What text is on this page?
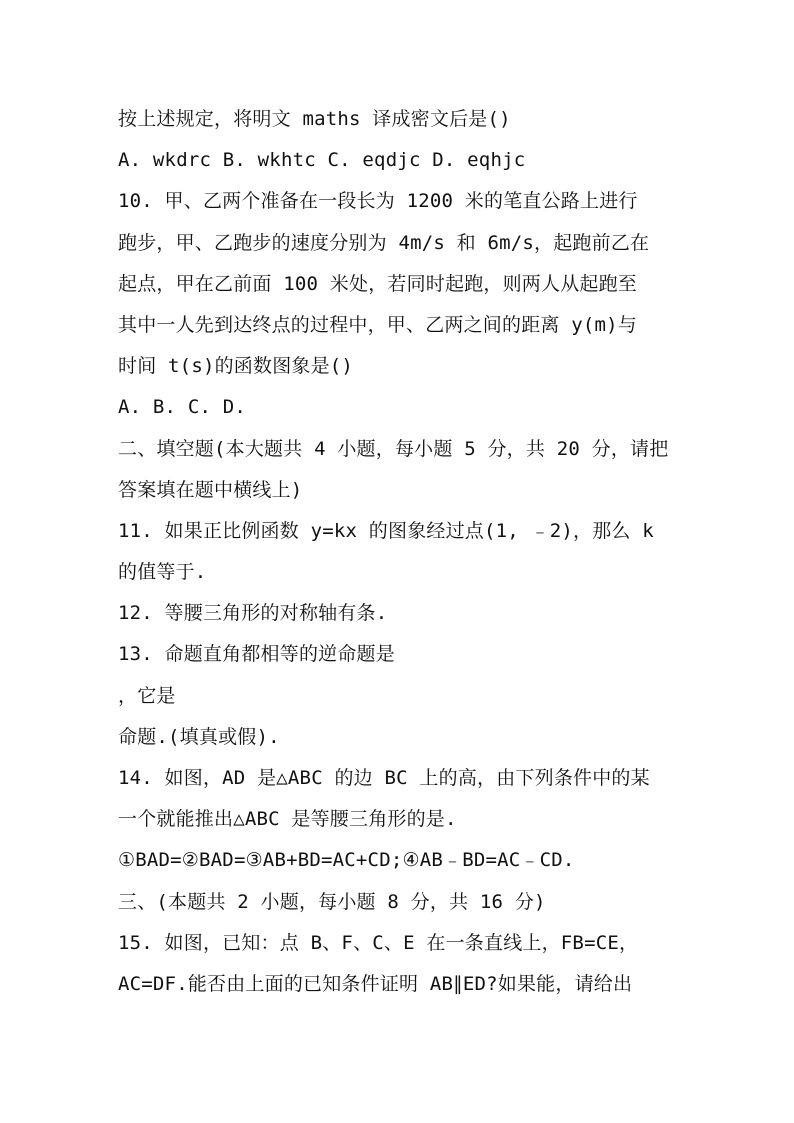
按上述规定，将明文 maths 译成密文后是()
A. wkdrc B. wkhtc C. eqdjc D. eqhjc
10. 甲、乙两个准备在一段长为 1200 米的笔直公路上进行
跑步，甲、乙跑步的速度分别为 4m/s 和 6m/s，起跑前乙在
起点，甲在乙前面 100 米处，若同时起跑，则两人从起跑至
其中一人先到达终点的过程中，甲、乙两之间的距离 y(m)与
时间 t(s)的函数图象是()
A. B. C. D.
二、填空题(本大题共 4 小题，每小题 5 分，共 20 分，请把
答案填在题中横线上)
11. 如果正比例函数 y=kx 的图象经过点(1, ﹣2)，那么 k
的值等于.
12. 等腰三角形的对称轴有条.
13. 命题直角都相等的逆命题是
，它是
命题.(填真或假).
14. 如图，AD 是△ABC 的边 BC 上的高，由下列条件中的某
一个就能推出△ABC 是等腰三角形的是.
①BAD=②BAD=③AB+BD=AC+CD;④AB﹣BD=AC﹣CD.
三、(本题共 2 小题，每小题 8 分，共 16 分)
15. 如图，已知：点 B、F、C、E 在一条直线上，FB=CE，
AC=DF.能否由上面的已知条件证明 AB∥ED?如果能，请给出
